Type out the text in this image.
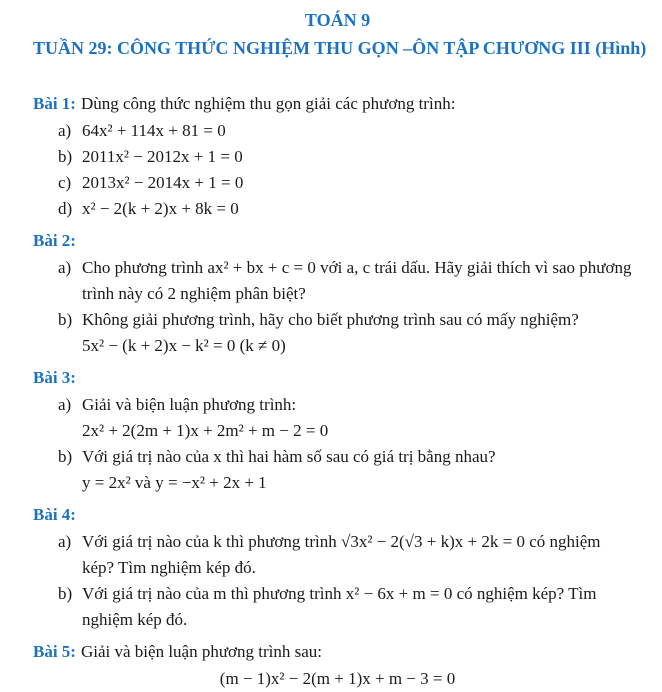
TOÁN 9
TUẦN 29: CÔNG THỨC NGHIỆM THU GỌN –ÔN TẬP CHƯƠNG III (Hình)
Bài 1: Dùng công thức nghiệm thu gọn giải các phương trình:
a) 64x² + 114x + 81 = 0
b) 2011x² − 2012x + 1 = 0
c) 2013x² − 2014x + 1 = 0
d) x² − 2(k + 2)x + 8k = 0
Bài 2:
a) Cho phương trình ax² + bx + c = 0 với a, c trái dấu. Hãy giải thích vì sao phương
trình này có 2 nghiệm phân biệt?
b) Không giải phương trình, hãy cho biết phương trình sau có mấy nghiệm?
5x² − (k + 2)x − k² = 0 (k ≠ 0)
Bài 3:
a) Giải và biện luận phương trình:
2x² + 2(2m + 1)x + 2m² + m − 2 = 0
b) Với giá trị nào của x thì hai hàm số sau có giá trị bằng nhau?
y = 2x² và y = −x² + 2x + 1
Bài 4:
a) Với giá trị nào của k thì phương trình √3x² − 2(√3 + k)x + 2k = 0 có nghiệm
kép? Tìm nghiệm kép đó.
b) Với giá trị nào của m thì phương trình x² − 6x + m = 0 có nghiệm kép? Tìm
nghiệm kép đó.
Bài 5: Giải và biện luận phương trình sau:
(m − 1)x² − 2(m + 1)x + m − 3 = 0
